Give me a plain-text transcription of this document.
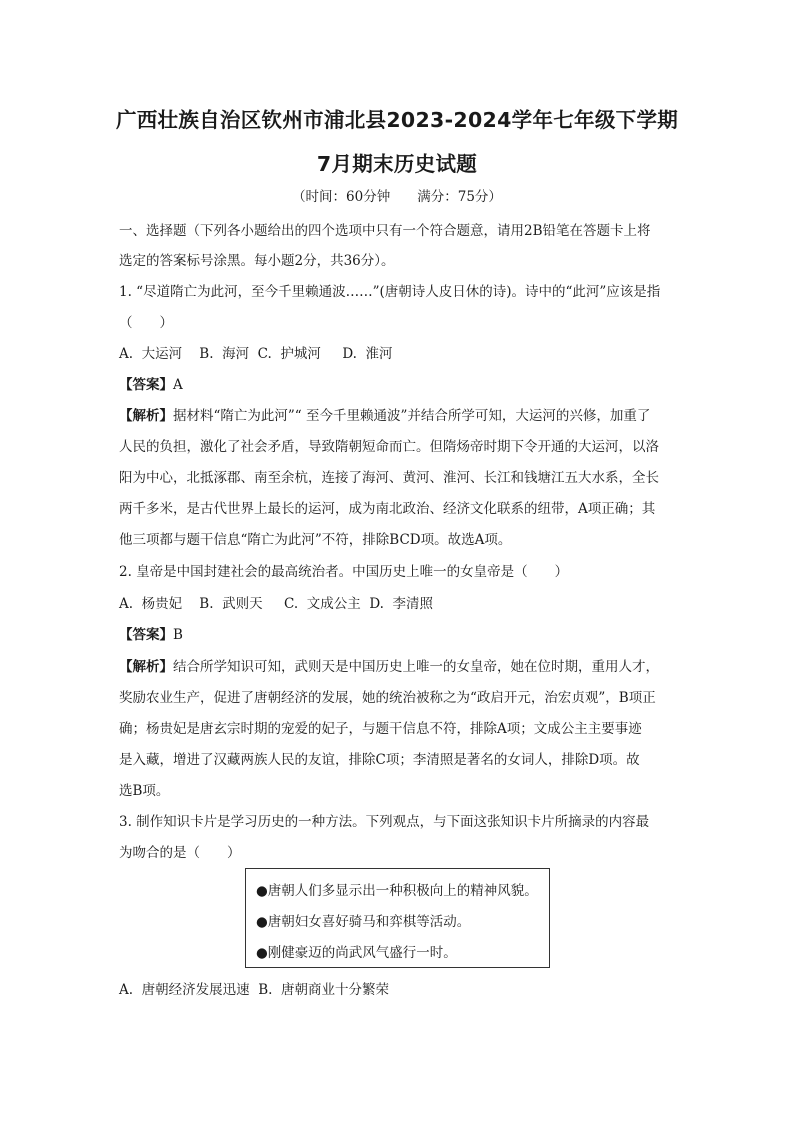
广西壮族自治区钦州市浦北县2023-2024学年七年级下学期
7月期末历史试题
（时间：60分钟　　满分：75分）
一、选择题（下列各小题给出的四个选项中只有一个符合题意，请用2B铅笔在答题卡上将
选定的答案标号涂黑。每小题2分，共36分）。
1. “尽道隋亡为此河，至今千里赖通波……”(唐朝诗人皮日休的诗)。诗中的“此河”应该是指
（　　）
A.  大运河    B.  海河  C.  护城河     D.  淮河
【答案】A
【解析】据材料“隋亡为此河”“ 至今千里赖通波”并结合所学可知，大运河的兴修，加重了
人民的负担，激化了社会矛盾，导致隋朝短命而亡。但隋炀帝时期下令开通的大运河，以洛
阳为中心，北抵涿郡、南至余杭，连接了海河、黄河、淮河、长江和钱塘江五大水系，全长
两千多米，是古代世界上最长的运河，成为南北政治、经济文化联系的纽带，A项正确；其
他三项都与题干信息“隋亡为此河”不符，排除BCD项。故选A项。
2. 皇帝是中国封建社会的最高统治者。中国历史上唯一的女皇帝是（　　）
A.  杨贵妃    B.  武则天     C.  文成公主  D.  李清照
【答案】B
【解析】结合所学知识可知，武则天是中国历史上唯一的女皇帝，她在位时期，重用人才，
奖励农业生产，促进了唐朝经济的发展，她的统治被称之为“政启开元，治宏贞观”，B项正
确；杨贵妃是唐玄宗时期的宠爱的妃子，与题干信息不符，排除A项；文成公主主要事迹
是入藏，增进了汉藏两族人民的友谊，排除C项；李清照是著名的女词人，排除D项。故
选B项。
3. 制作知识卡片是学习历史的一种方法。下列观点，与下面这张知识卡片所摘录的内容最
为吻合的是（　　）
●唐朝人们多显示出一种积极向上的精神风貌。
●唐朝妇女喜好骑马和弈棋等活动。
●刚健豪迈的尚武风气盛行一时。
A.  唐朝经济发展迅速  B.  唐朝商业十分繁荣
